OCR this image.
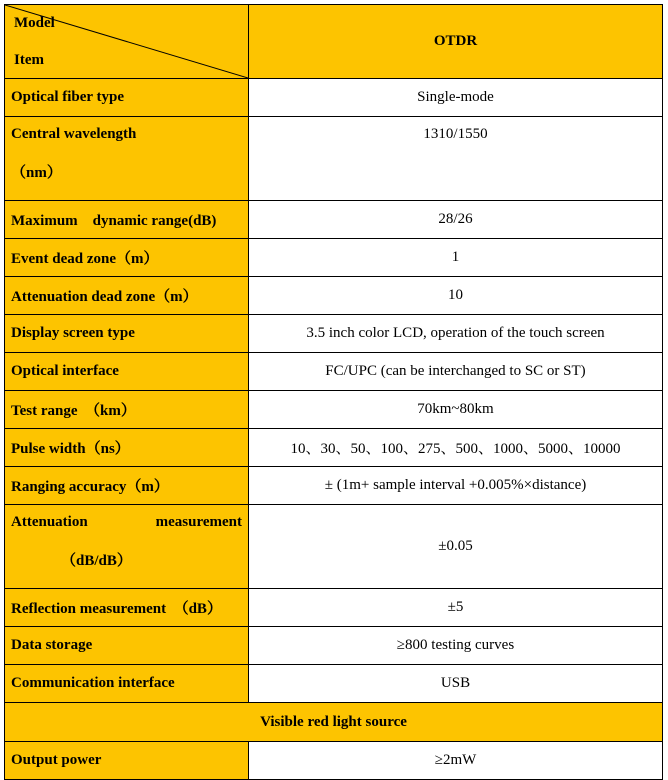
Model
Item	OTDR
Optical fiber type	Single-mode

Central wavelength
（nm）	1310/1550
Maximum　dynamic range(dB)	28/26
Event dead zone（m）	1
Attenuation dead zone（m）	10
Display screen type	3.5 inch color LCD, operation of the touch screen
Optical interface	FC/UPC (can be interchanged to SC or ST)
Test range　（km）	70km~80km
Pulse width（ns）	10、30、50、100、275、500、1000、5000、10000
Ranging accuracy（m）	± (1m+ sample interval +0.005%×distance)

Attenuation measurement
（dB/dB）	±0.05
Reflection measurement　（dB）	±5
Data storage	≥800 testing curves
Communication interface	USB
Visible red light source	
Output power	≥2mW
